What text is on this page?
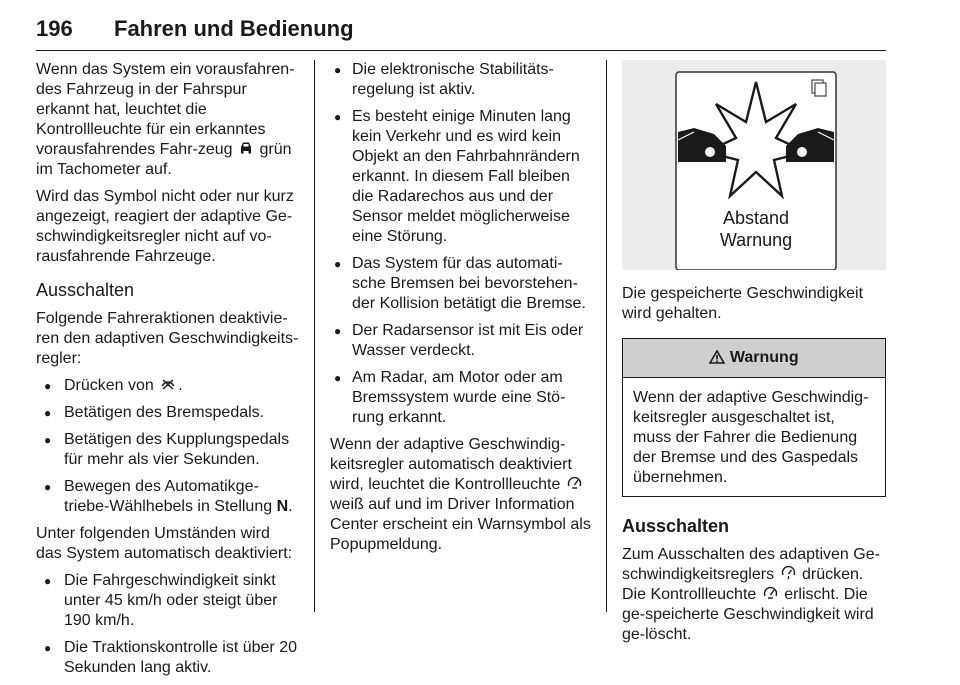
196 Fahren und Bedienung

Wenn das System ein vorausfahren-des Fahrzeug in der Fahrspur erkannt hat, leuchtet die Kontrollleuchte für ein erkanntes vorausfahrendes Fahr-zeug grün im Tachometer auf.

Wird das Symbol nicht oder nur kurz angezeigt, reagiert der adaptive Ge-schwindigkeitsregler nicht auf vo-rausfahrende Fahrzeuge.

Ausschalten

Folgende Fahreraktionen deaktivie-ren den adaptiven Geschwindigkeits-regler:

● Drücken von .
● Betätigen des Bremspedals.
● Betätigen des Kupplungspedals für mehr als vier Sekunden.
● Bewegen des Automatikge-triebe-Wählhebels in Stellung N.

Unter folgenden Umständen wird das System automatisch deaktiviert:

● Die Fahrgeschwindigkeit sinkt unter 45 km/h oder steigt über 190 km/h.
● Die Traktionskontrolle ist über 20 Sekunden lang aktiv.
● Die elektronische Stabilitäts-regelung ist aktiv.
● Es besteht einige Minuten lang kein Verkehr und es wird kein Objekt an den Fahrbahnrändern erkannt. In diesem Fall bleiben die Radarechos aus und der Sensor meldet möglicherweise eine Störung.
● Das System für das automati-sche Bremsen bei bevorstehen-der Kollision betätigt die Bremse.
● Der Radarsensor ist mit Eis oder Wasser verdeckt.
● Am Radar, am Motor oder am Bremssystem wurde eine Stö-rung erkannt.

Wenn der adaptive Geschwindig-keitsregler automatisch deaktiviert wird, leuchtet die Kontrollleuchte  weiß auf und im Driver Information Center erscheint ein Warnsymbol als Popupmeldung.

Abstand
Warnung

Die gespeicherte Geschwindigkeit wird gehalten.

Warnung
Wenn der adaptive Geschwindig-keitsregler ausgeschaltet ist, muss der Fahrer die Bedienung der Bremse und des Gaspedals übernehmen.
Ausschalten

Zum Ausschalten des adaptiven Ge-schwindigkeitsreglers drücken. Die Kontrollleuchte erlischt. Die ge-speicherte Geschwindigkeit wird ge-löscht.
